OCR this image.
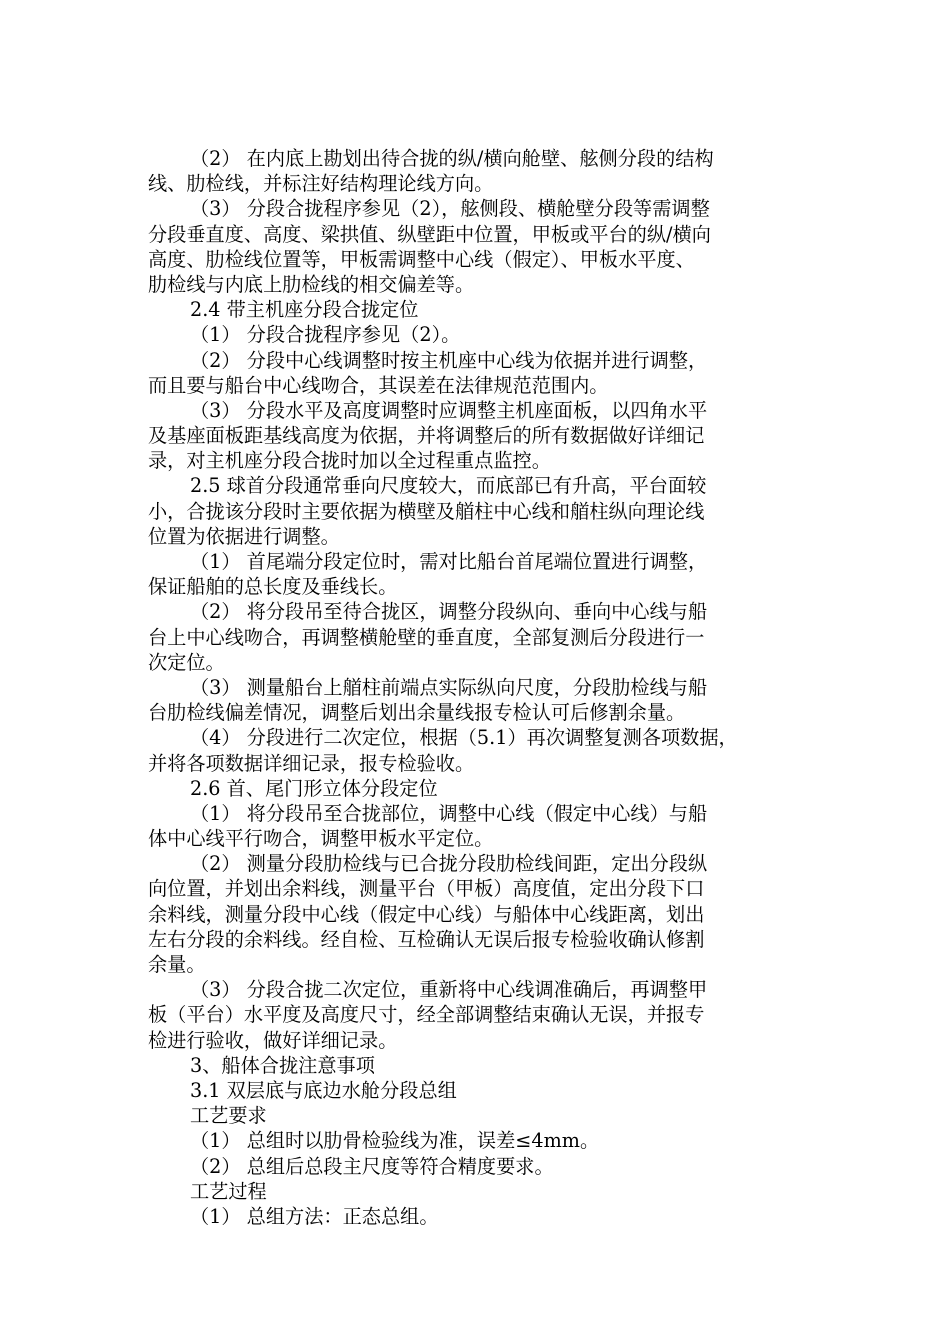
（2） 在内底上勘划出待合拢的纵/横向舱壁、舷侧分段的结构
线、肋检线，并标注好结构理论线方向。
（3） 分段合拢程序参见（2），舷侧段、横舱壁分段等需调整
分段垂直度、高度、梁拱值、纵壁距中位置，甲板或平台的纵/横向
高度、肋检线位置等，甲板需调整中心线（假定）、甲板水平度、
肋检线与内底上肋检线的相交偏差等。
2.4 带主机座分段合拢定位
（1） 分段合拢程序参见（2）。
（2） 分段中心线调整时按主机座中心线为依据并进行调整，
而且要与船台中心线吻合，其误差在法律规范范围内。
（3） 分段水平及高度调整时应调整主机座面板，以四角水平
及基座面板距基线高度为依据，并将调整后的所有数据做好详细记
录，对主机座分段合拢时加以全过程重点监控。
2.5 球首分段通常垂向尺度较大，而底部已有升高，平台面较
小，合拢该分段时主要依据为横壁及艏柱中心线和艏柱纵向理论线
位置为依据进行调整。
（1） 首尾端分段定位时，需对比船台首尾端位置进行调整，
保证船舶的总长度及垂线长。
（2） 将分段吊至待合拢区，调整分段纵向、垂向中心线与船
台上中心线吻合，再调整横舱壁的垂直度，全部复测后分段进行一
次定位。
（3） 测量船台上艏柱前端点实际纵向尺度，分段肋检线与船
台肋检线偏差情况，调整后划出余量线报专检认可后修割余量。
（4） 分段进行二次定位，根据（5.1）再次调整复测各项数据，
并将各项数据详细记录，报专检验收。
2.6 首、尾门形立体分段定位
（1） 将分段吊至合拢部位，调整中心线（假定中心线）与船
体中心线平行吻合，调整甲板水平定位。
（2） 测量分段肋检线与已合拢分段肋检线间距，定出分段纵
向位置，并划出余料线，测量平台（甲板）高度值，定出分段下口
余料线，测量分段中心线（假定中心线）与船体中心线距离，划出
左右分段的余料线。经自检、互检确认无误后报专检验收确认修割
余量。
（3） 分段合拢二次定位，重新将中心线调准确后，再调整甲
板（平台）水平度及高度尺寸，经全部调整结束确认无误，并报专
检进行验收，做好详细记录。
3、船体合拢注意事项
3.1 双层底与底边水舱分段总组
工艺要求
（1） 总组时以肋骨检验线为准，误差≤4mm。
（2） 总组后总段主尺度等符合精度要求。
工艺过程
（1） 总组方法：正态总组。
